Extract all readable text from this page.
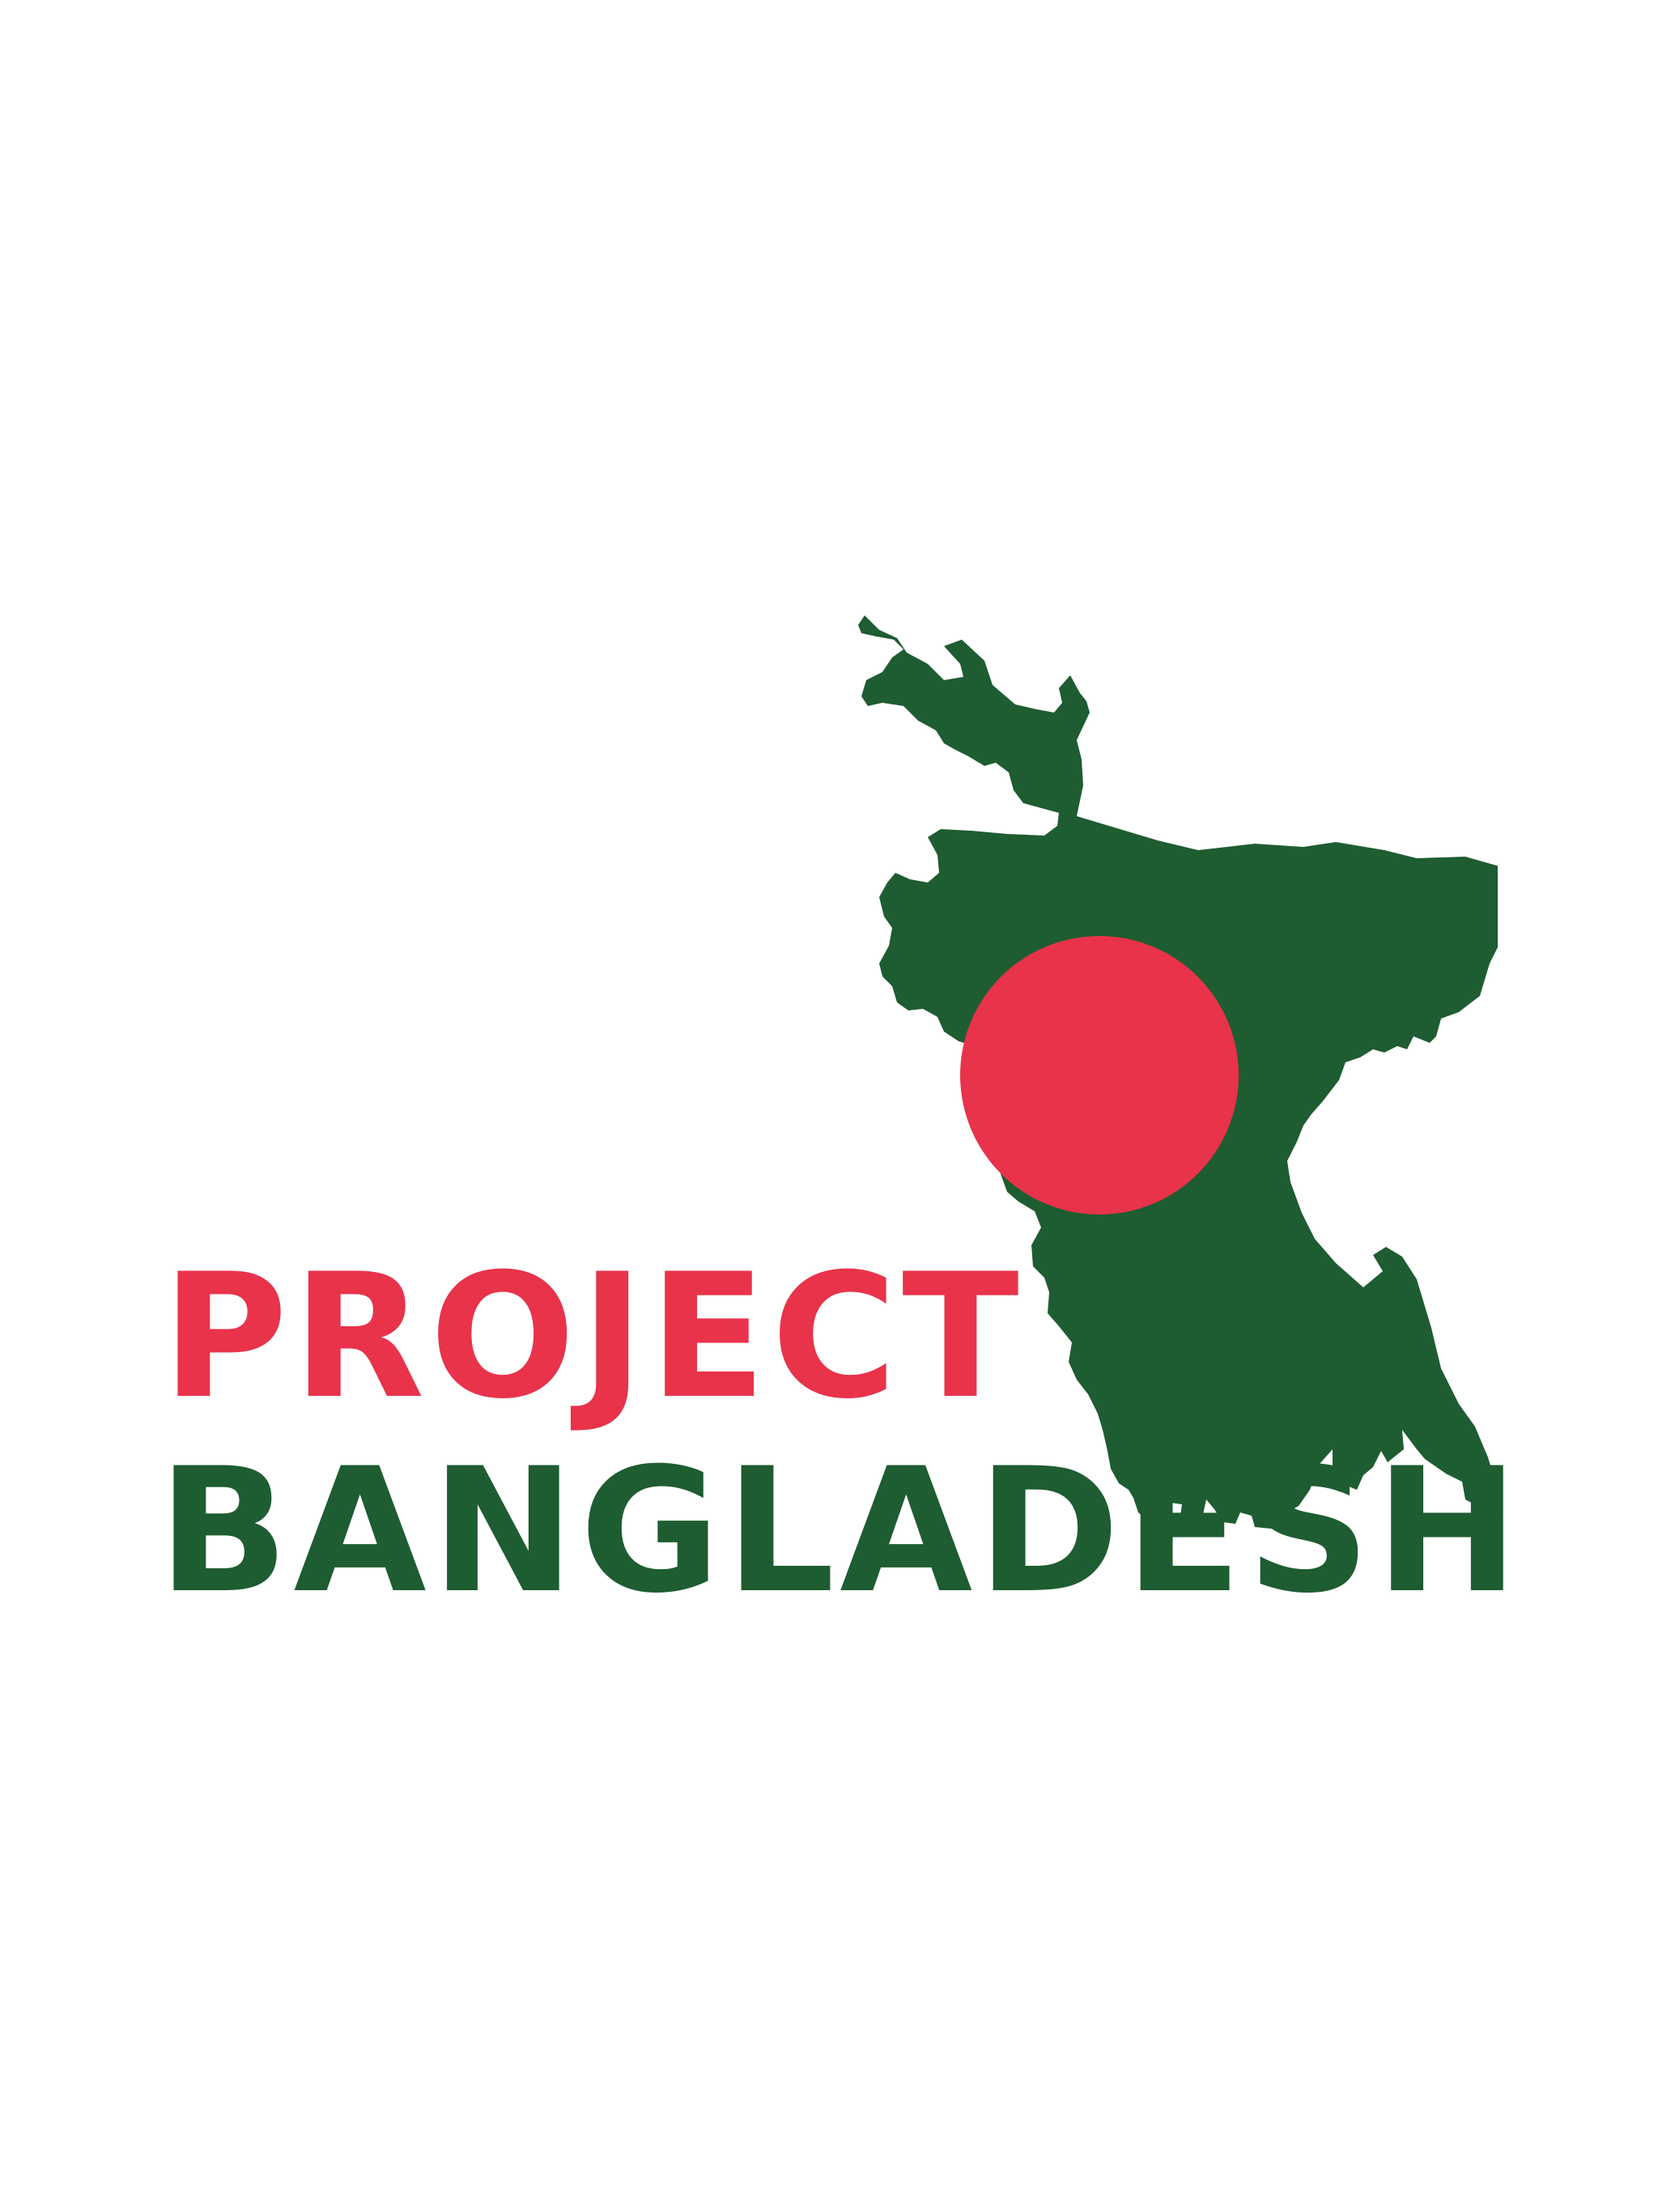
PROJECT
BANGLADESH
